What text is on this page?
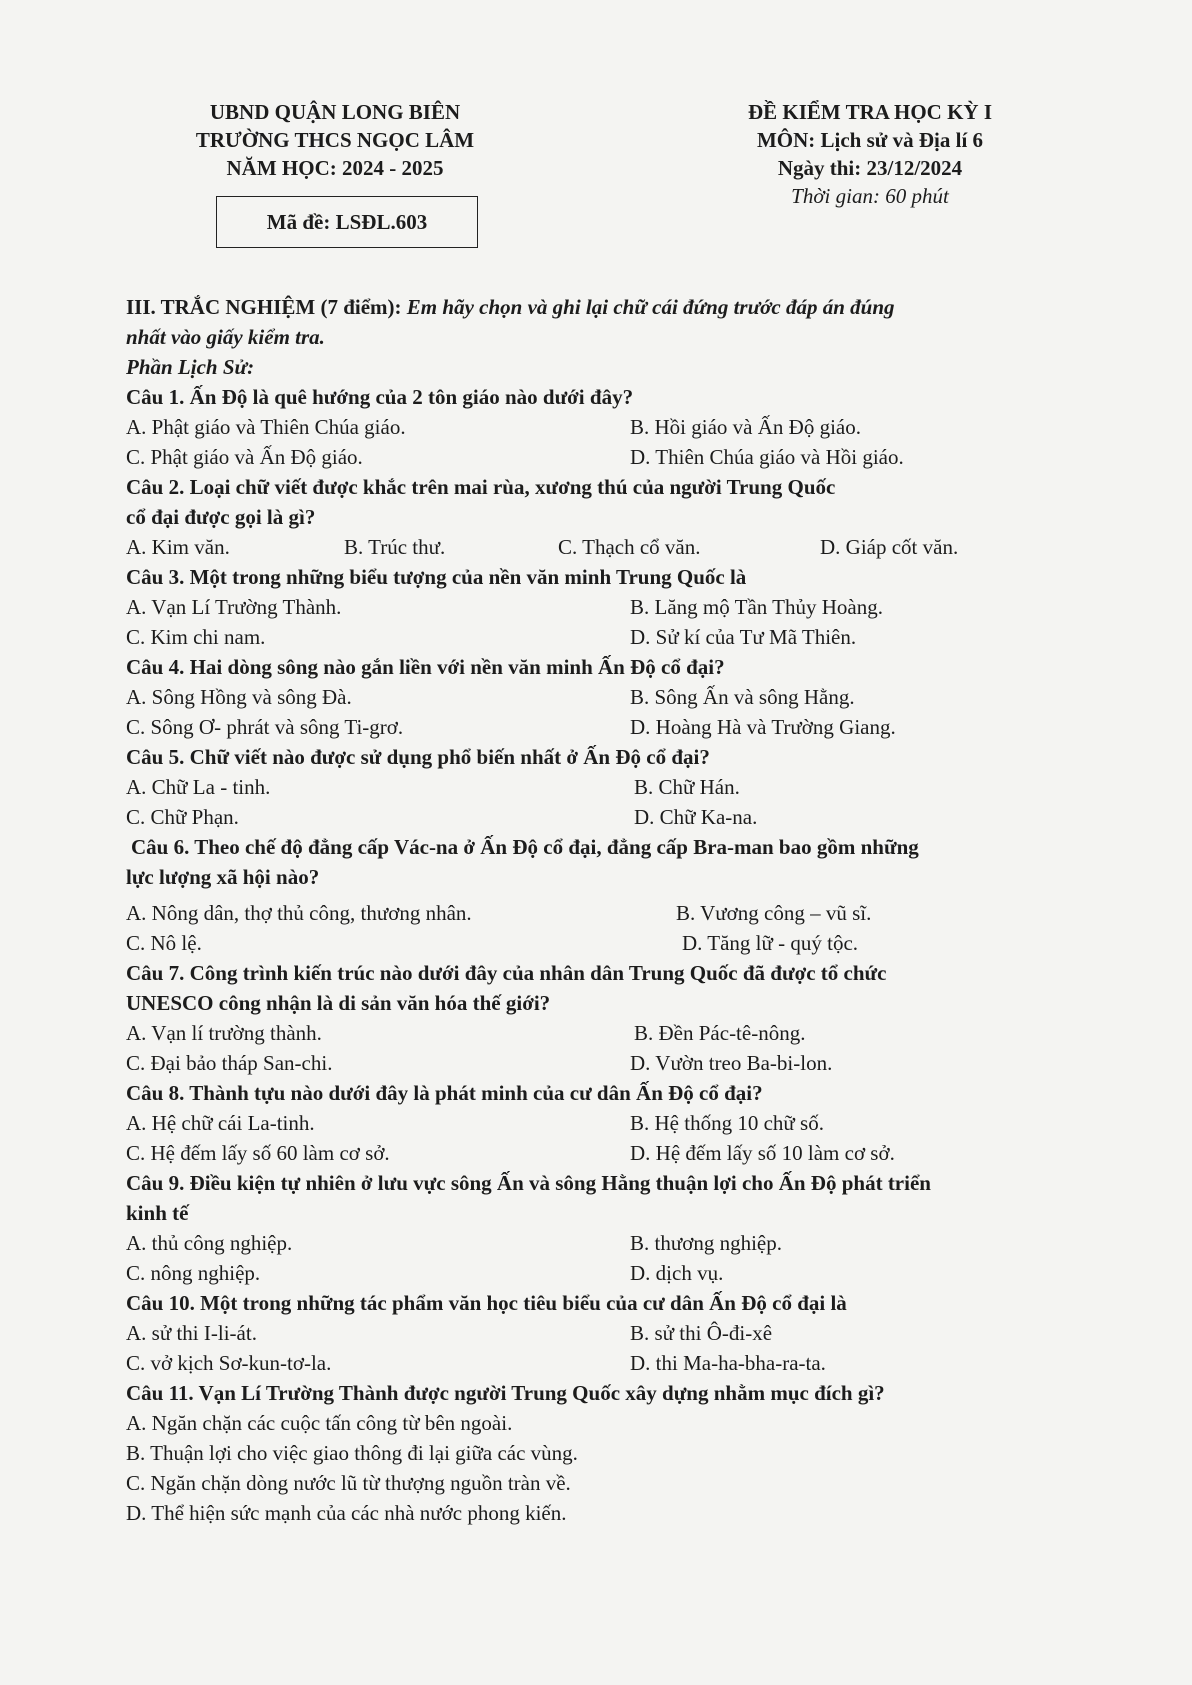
UBND QUẬN LONG BIÊN
TRƯỜNG THCS NGỌC LÂM
NĂM HỌC: 2024 - 2025
Mã đề: LSĐL.603
ĐỀ KIỂM TRA HỌC KỲ I
MÔN: Lịch sử và Địa lí 6
Ngày thi: 23/12/2024
Thời gian: 60 phút
III. TRẮC NGHIỆM (7 điểm): Em hãy chọn và ghi lại chữ cái đứng trước đáp án đúng
nhất vào giấy kiểm tra.
Phần Lịch Sử:
Câu 1. Ấn Độ là quê hướng của 2 tôn giáo nào dưới đây?
A. Phật giáo và Thiên Chúa giáo.	B. Hồi giáo và Ấn Độ giáo.
C. Phật giáo và Ấn Độ giáo.	D. Thiên Chúa giáo và Hồi giáo.
Câu 2. Loại chữ viết được khắc trên mai rùa, xương thú của người Trung Quốc
cổ đại được gọi là gì?
A. Kim văn.	B. Trúc thư.	C. Thạch cổ văn.	D. Giáp cốt văn.
Câu 3. Một trong những biểu tượng của nền văn minh Trung Quốc là
A. Vạn Lí Trường Thành.	B. Lăng mộ Tần Thủy Hoàng.
C. Kim chi nam.	D. Sử kí của Tư Mã Thiên.
Câu 4. Hai dòng sông nào gắn liền với nền văn minh Ấn Độ cổ đại?
A. Sông Hồng và sông Đà.	B. Sông Ấn và sông Hằng.
C. Sông Ơ- phrát và sông Ti-grơ.	D. Hoàng Hà và Trường Giang.
Câu 5. Chữ viết nào được sử dụng phổ biến nhất ở Ấn Độ cổ đại?
A. Chữ La - tinh.	B. Chữ Hán.
C. Chữ Phạn.	D. Chữ Ka-na.
Câu 6. Theo chế độ đẳng cấp Vác-na ở Ấn Độ cổ đại, đẳng cấp Bra-man bao gồm những
lực lượng xã hội nào?
A. Nông dân, thợ thủ công, thương nhân.	B. Vương công – vũ sĩ.
C. Nô lệ.	D. Tăng lữ - quý tộc.
Câu 7. Công trình kiến trúc nào dưới đây của nhân dân Trung Quốc đã được tổ chức
UNESCO công nhận là di sản văn hóa thế giới?
A. Vạn lí trường thành.	B. Đền Pác-tê-nông.
C. Đại bảo tháp San-chi.	D. Vườn treo Ba-bi-lon.
Câu 8. Thành tựu nào dưới đây là phát minh của cư dân Ấn Độ cổ đại?
A. Hệ chữ cái La-tinh.	B. Hệ thống 10 chữ số.
C. Hệ đếm lấy số 60 làm cơ sở.	D. Hệ đếm lấy số 10 làm cơ sở.
Câu 9. Điều kiện tự nhiên ở lưu vực sông Ấn và sông Hằng thuận lợi cho Ấn Độ phát triển
kinh tế
A. thủ công nghiệp.	B. thương nghiệp.
C. nông nghiệp.	D. dịch vụ.
Câu 10. Một trong những tác phẩm văn học tiêu biểu của cư dân Ấn Độ cổ đại là
A. sử thi I-li-át.	B. sử thi Ô-đi-xê
C. vở kịch Sơ-kun-tơ-la.	D. thi Ma-ha-bha-ra-ta.
Câu 11. Vạn Lí Trường Thành được người Trung Quốc xây dựng nhằm mục đích gì?
A. Ngăn chặn các cuộc tấn công từ bên ngoài.
B. Thuận lợi cho việc giao thông đi lại giữa các vùng.
C. Ngăn chặn dòng nước lũ từ thượng nguồn tràn về.
D. Thể hiện sức mạnh của các nhà nước phong kiến.
